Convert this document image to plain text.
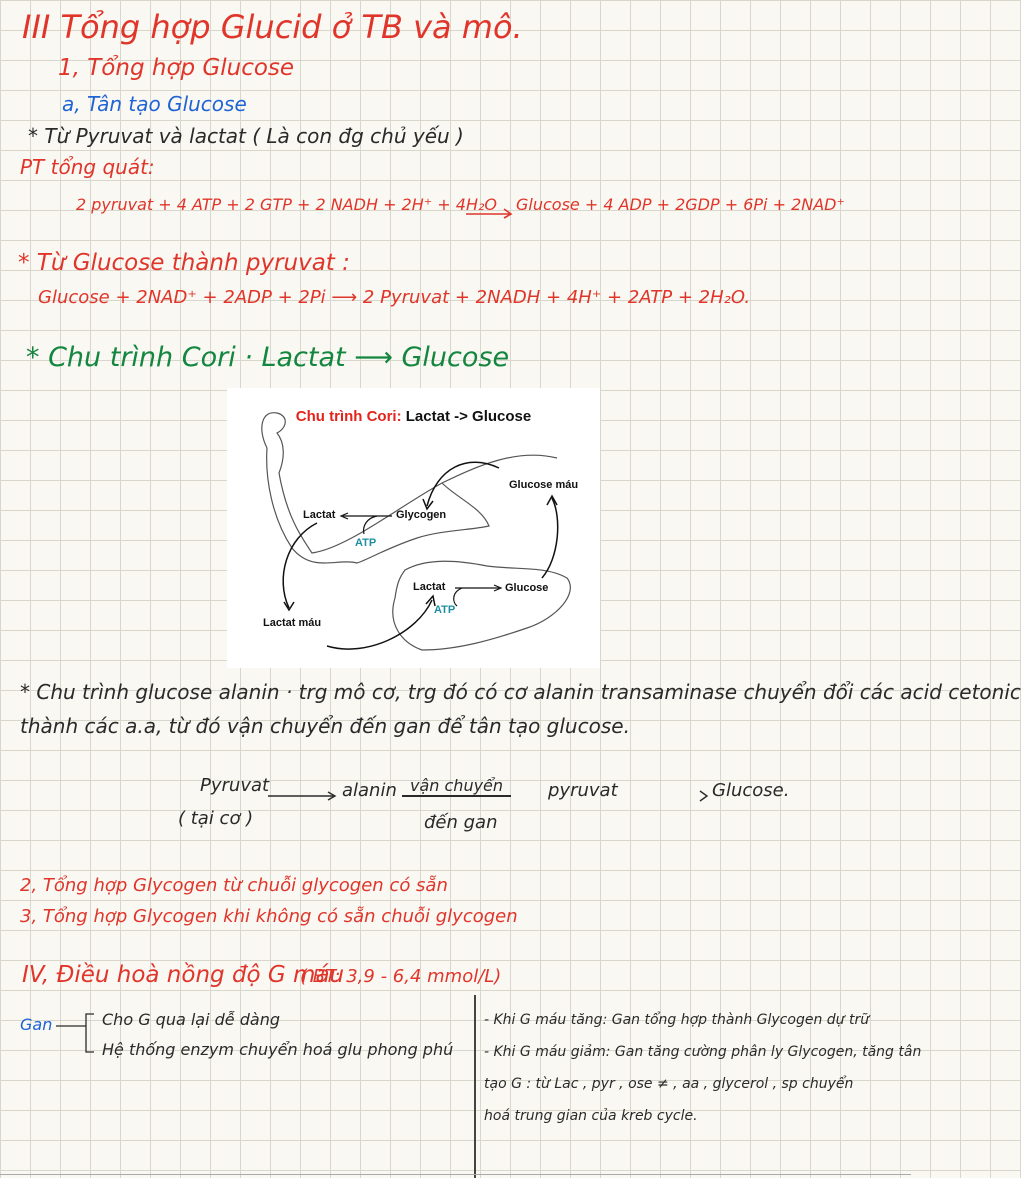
III Tổng hợp Glucid ở TB và mô.
1, Tổng hợp Glucose
a, Tân tạo Glucose
* Từ Pyruvat và lactat ( Là con đg chủ yếu )
PT tổng quát:
2 pyruvat + 4 ATP + 2 GTP + 2 NADH + 2H⁺ + 4H₂O Glucose + 4 ADP + 2GDP + 6Pi + 2NAD⁺
* Từ Glucose thành pyruvat :
Glucose + 2NAD⁺ + 2ADP + 2Pi ⟶ 2 Pyruvat + 2NADH + 4H⁺ + 2ATP + 2H₂O.
* Chu trình Cori · Lactat ⟶ Glucose
Chu trình Cori: Lactat -> Glucose
Glucose máu
Lactat	Glycogen
ATP
Lactat	Glucose
ATP
Lactat máu
* Chu trình glucose alanin · trg mô cơ, trg đó có cơ alanin transaminase chuyển đổi các acid cetonic
thành các a.a, từ đó vận chuyển đến gan để tân tạo glucose.
Pyruvat
( tại cơ )
alanin vận chuyển
đến gan
pyruvat	Glucose.
2, Tổng hợp Glycogen từ chuỗi glycogen có sẵn
3, Tổng hợp Glycogen khi không có sẵn chuỗi glycogen
IV, Điều hoà nồng độ G máu
( BT: 3,9 - 6,4 mmol/L)
Gan	Cho G qua lại dễ dàng
Hệ thống enzym chuyển hoá glu phong phú
- Khi G máu tăng: Gan tổng hợp thành Glycogen dự trữ
- Khi G máu giảm: Gan tăng cường phân ly Glycogen, tăng tân
tạo G : từ Lac , pyr , ose ≠ , aa , glycerol , sp chuyển
hoá trung gian của kreb cycle.
